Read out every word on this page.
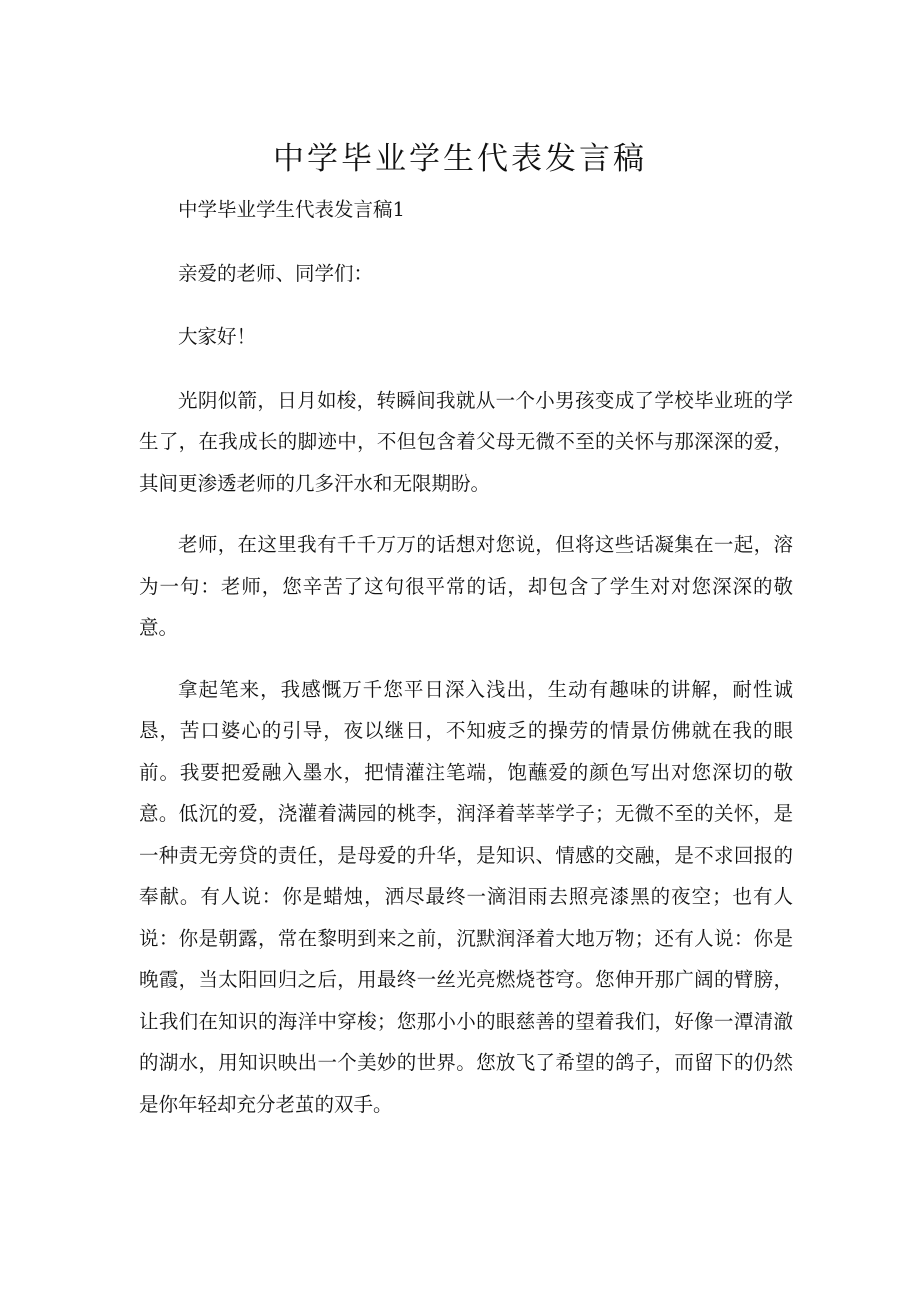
中学毕业学生代表发言稿

中学毕业学生代表发言稿1

亲爱的老师、同学们：

大家好！

光阴似箭，日月如梭，转瞬间我就从一个小男孩变成了学校毕业班的学生了，在我成长的脚迹中，不但包含着父母无微不至的关怀与那深深的爱，其间更渗透老师的几多汗水和无限期盼。

老师，在这里我有千千万万的话想对您说，但将这些话凝集在一起，溶为一句：老师，您辛苦了这句很平常的话，却包含了学生对对您深深的敬意。

拿起笔来，我感慨万千您平日深入浅出，生动有趣味的讲解，耐性诚恳，苦口婆心的引导，夜以继日，不知疲乏的操劳的情景仿佛就在我的眼前。我要把爱融入墨水，把情灌注笔端，饱蘸爱的颜色写出对您深切的敬意。低沉的爱，浇灌着满园的桃李，润泽着莘莘学子；无微不至的关怀，是一种责无旁贷的责任，是母爱的升华，是知识、情感的交融，是不求回报的奉献。有人说：你是蜡烛，洒尽最终一滴泪雨去照亮漆黑的夜空；也有人说：你是朝露，常在黎明到来之前，沉默润泽着大地万物；还有人说：你是晚霞，当太阳回归之后，用最终一丝光亮燃烧苍穹。您伸开那广阔的臂膀，让我们在知识的海洋中穿梭；您那小小的眼慈善的望着我们，好像一潭清澈的湖水，用知识映出一个美妙的世界。您放飞了希望的鸽子，而留下的仍然是你年轻却充分老茧的双手。
